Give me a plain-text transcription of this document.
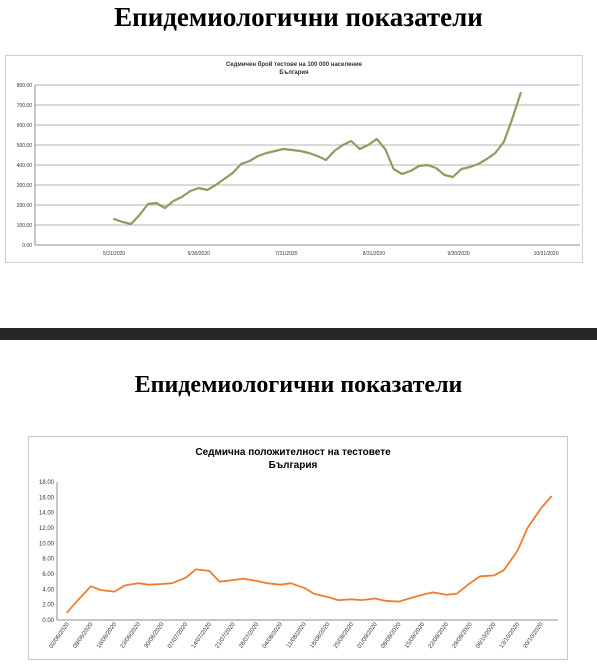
Епидемиологични показатели
Седмичен брой тестове на 100 000 население
България
0.00
100.00
200.00
300.00
400.00
500.00
600.00
700.00
800.00
5/31/2020	6/30/2020	7/31/2020	8/31/2020	9/30/2020	10/31/2020
Епидемиологични показатели
Седмична положителност на тестовете
България
0.00
2.00
4.00
6.00
8.00
10.00
12.00
14.00
16.00
18.00
02/06/2020 09/06/2020 16/06/2020 23/06/2020 30/06/2020 07/07/2020 14/07/2020 21/07/2020 28/07/2020 04/08/2020 11/08/2020 18/08/2020 25/08/2020 01/09/2020 08/09/2020 15/09/2020 22/09/2020 29/09/2020 06/10/2020 13/10/2020 20/10/2020
